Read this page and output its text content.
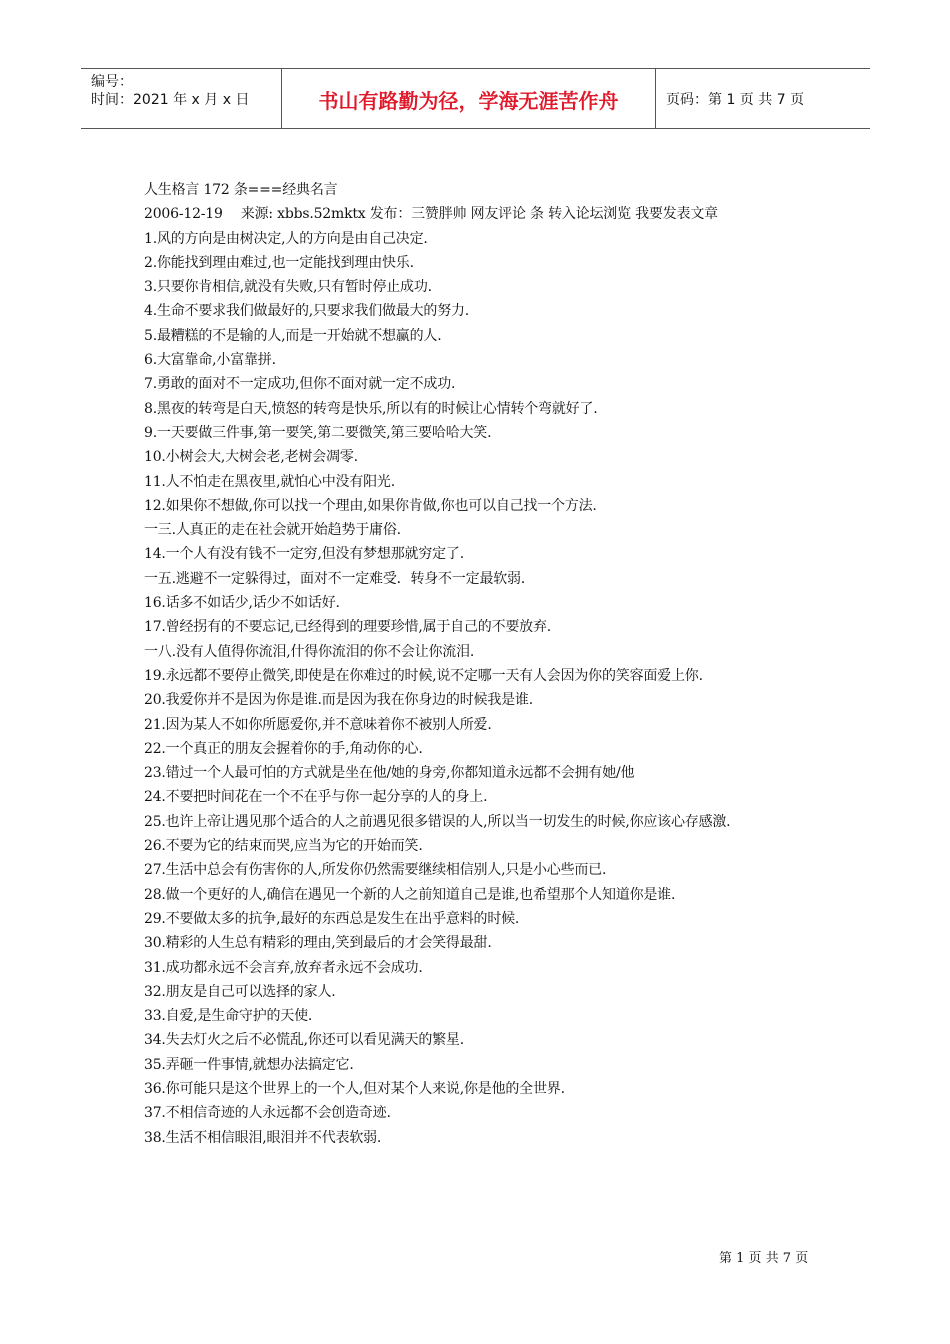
编号：
时间：2021 年 x 月 x 日	书山有路勤为径，学海无涯苦作舟	页码：第 1 页 共 7 页

人生格言 172 条===经典名言

2006-12-19　 来源: xbbs.52mktx 发布：三赞胖帅 网友评论 条 转入论坛浏览 我要发表文章

1.风的方向是由树决定,人的方向是由自己决定.

2.你能找到理由难过,也一定能找到理由快乐.

3.只要你肯相信,就没有失败,只有暂时停止成功.

4.生命不要求我们做最好的,只要求我们做最大的努力.

5.最糟糕的不是输的人,而是一开始就不想赢的人.

6.大富靠命,小富靠拼.

7.勇敢的面对不一定成功,但你不面对就一定不成功.

8.黑夜的转弯是白天,愤怒的转弯是快乐,所以有的时候让心情转个弯就好了.

9.一天要做三件事,第一要笑,第二要微笑,第三要哈哈大笑.

10.小树会大,大树会老,老树会凋零.

11.人不怕走在黑夜里,就怕心中没有阳光.

12.如果你不想做,你可以找一个理由,如果你肯做,你也可以自己找一个方法.

一三.人真正的走在社会就开始趋势于庸俗.

14.一个人有没有钱不一定穷,但没有梦想那就穷定了.

一五.逃避不一定躲得过，面对不一定难受．转身不一定最软弱．

16.话多不如话少,话少不如话好.

17.曾经拐有的不要忘记,已经得到的理要珍惜,属于自己的不要放弃.

一八.没有人值得你流泪,什得你流泪的你不会让你流泪.

19.永远都不要停止微笑,即使是在你难过的时候,说不定哪一天有人会因为你的笑容面爱上你.

20.我爱你并不是因为你是谁.而是因为我在你身边的时候我是谁.

21.因为某人不如你所愿爱你,并不意味着你不被别人所爱.

22.一个真正的朋友会握着你的手,角动你的心.

23.错过一个人最可怕的方式就是坐在他/她的身旁,你都知道永远都不会拥有她/他

24.不要把时间花在一个不在乎与你一起分享的人的身上.

25.也许上帝让遇见那个适合的人之前遇见很多错误的人,所以当一切发生的时候,你应该心存感激.

26.不要为它的结束而哭,应当为它的开始而笑.

27.生活中总会有伤害你的人,所发你仍然需要继续相信别人,只是小心些而已.

28.做一个更好的人,确信在遇见一个新的人之前知道自己是谁,也希望那个人知道你是谁.

29.不要做太多的抗争,最好的东西总是发生在出乎意料的时候.

30.精彩的人生总有精彩的理由,笑到最后的才会笑得最甜.

31.成功都永远不会言弃,放弃者永远不会成功.

32.朋友是自己可以选择的家人.

33.自爱,是生命守护的天使.

34.失去灯火之后不必慌乱,你还可以看见满天的繁星.

35.弄砸一件事情,就想办法搞定它.

36.你可能只是这个世界上的一个人,但对某个人来说,你是他的全世界.

37.不相信奇迹的人永远都不会创造奇迹.

38.生活不相信眼泪,眼泪并不代表软弱.

第 1 页 共 7 页
